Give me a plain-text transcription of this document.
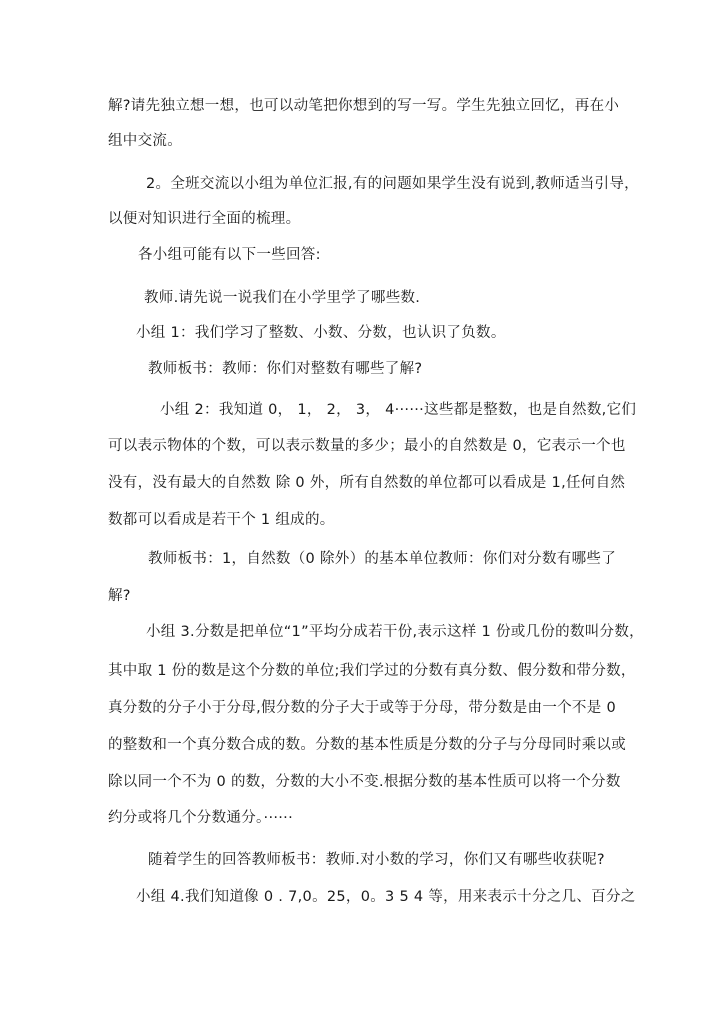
解?请先独立想一想，也可以动笔把你想到的写一写。学生先独立回忆，再在小
组中交流。
2。全班交流以小组为单位汇报,有的问题如果学生没有说到,教师适当引导，
以便对知识进行全面的梳理。
各小组可能有以下一些回答:
教师.请先说一说我们在小学里学了哪些数.
小组 1：我们学习了整数、小数、分数，也认识了负数。
教师板书：教师：你们对整数有哪些了解?
小组 2：我知道 0， 1， 2， 3， 4······这些都是整数，也是自然数,它们
可以表示物体的个数，可以表示数量的多少；最小的自然数是 0，它表示一个也
没有，没有最大的自然数 除 0 外，所有自然数的单位都可以看成是 1,任何自然
数都可以看成是若干个 1 组成的。
教师板书：1，自然数（0 除外）的基本单位教师：你们对分数有哪些了
解?
小组 3.分数是把单位“1”平均分成若干份,表示这样 1 份或几份的数叫分数，
其中取 1 份的数是这个分数的单位;我们学过的分数有真分数、假分数和带分数，
真分数的分子小于分母,假分数的分子大于或等于分母，带分数是由一个不是 0
的整数和一个真分数合成的数。分数的基本性质是分数的分子与分母同时乘以或
除以同一个不为 0 的数，分数的大小不变.根据分数的基本性质可以将一个分数
约分或将几个分数通分。······
随着学生的回答教师板书：教师.对小数的学习，你们又有哪些收获呢?
小组 4.我们知道像 0 . 7,0。25，0。3 5 4 等，用来表示十分之几、百分之
